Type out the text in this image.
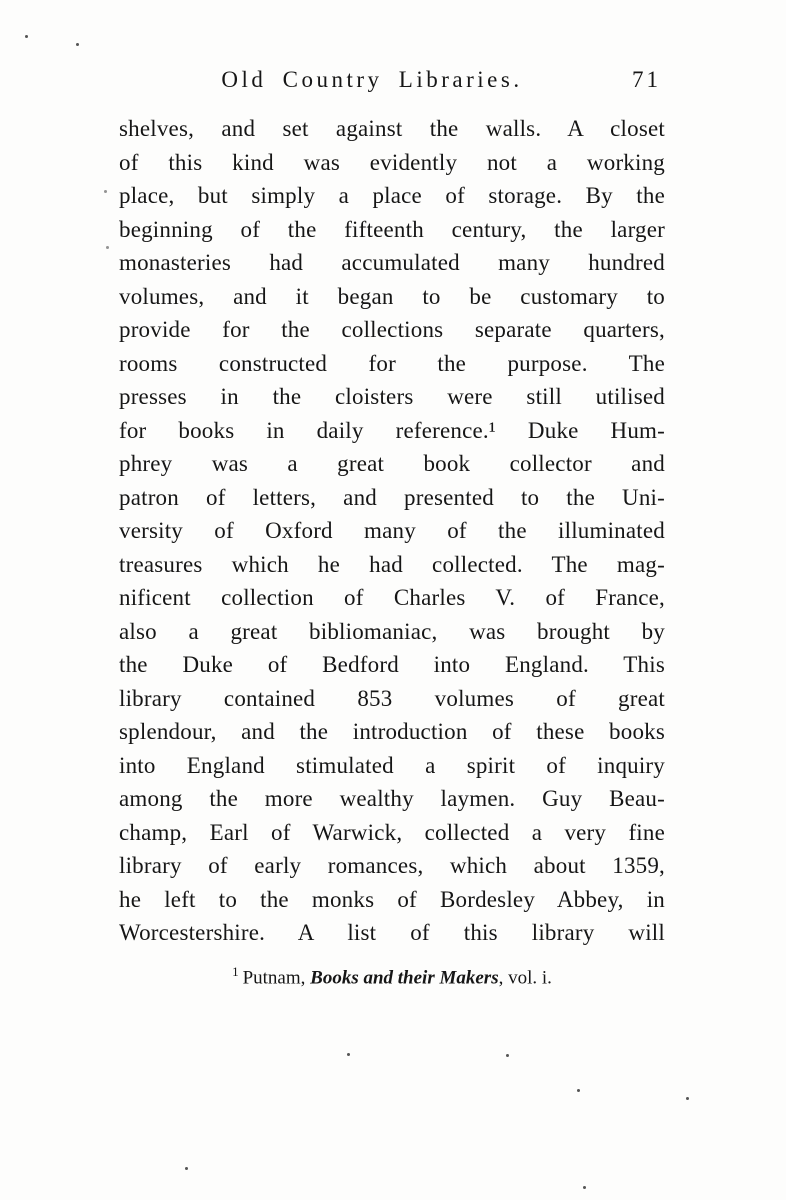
Old Country Libraries.	71
shelves, and set against the walls. A closet
of this kind was evidently not a working
place, but simply a place of storage. By the
beginning of the fifteenth century, the larger
monasteries had accumulated many hundred
volumes, and it began to be customary to
provide for the collections separate quarters,
rooms constructed for the purpose. The
presses in the cloisters were still utilised
for books in daily reference.¹ Duke Hum-
phrey was a great book collector and
patron of letters, and presented to the Uni-
versity of Oxford many of the illuminated
treasures which he had collected. The mag-
nificent collection of Charles V. of France,
also a great bibliomaniac, was brought by
the Duke of Bedford into England. This
library contained 853 volumes of great
splendour, and the introduction of these books
into England stimulated a spirit of inquiry
among the more wealthy laymen. Guy Beau-
champ, Earl of Warwick, collected a very fine
library of early romances, which about 1359,
he left to the monks of Bordesley Abbey, in
Worcestershire. A list of this library will
$^1$ Putnam, Books and their Makers, vol. i.
